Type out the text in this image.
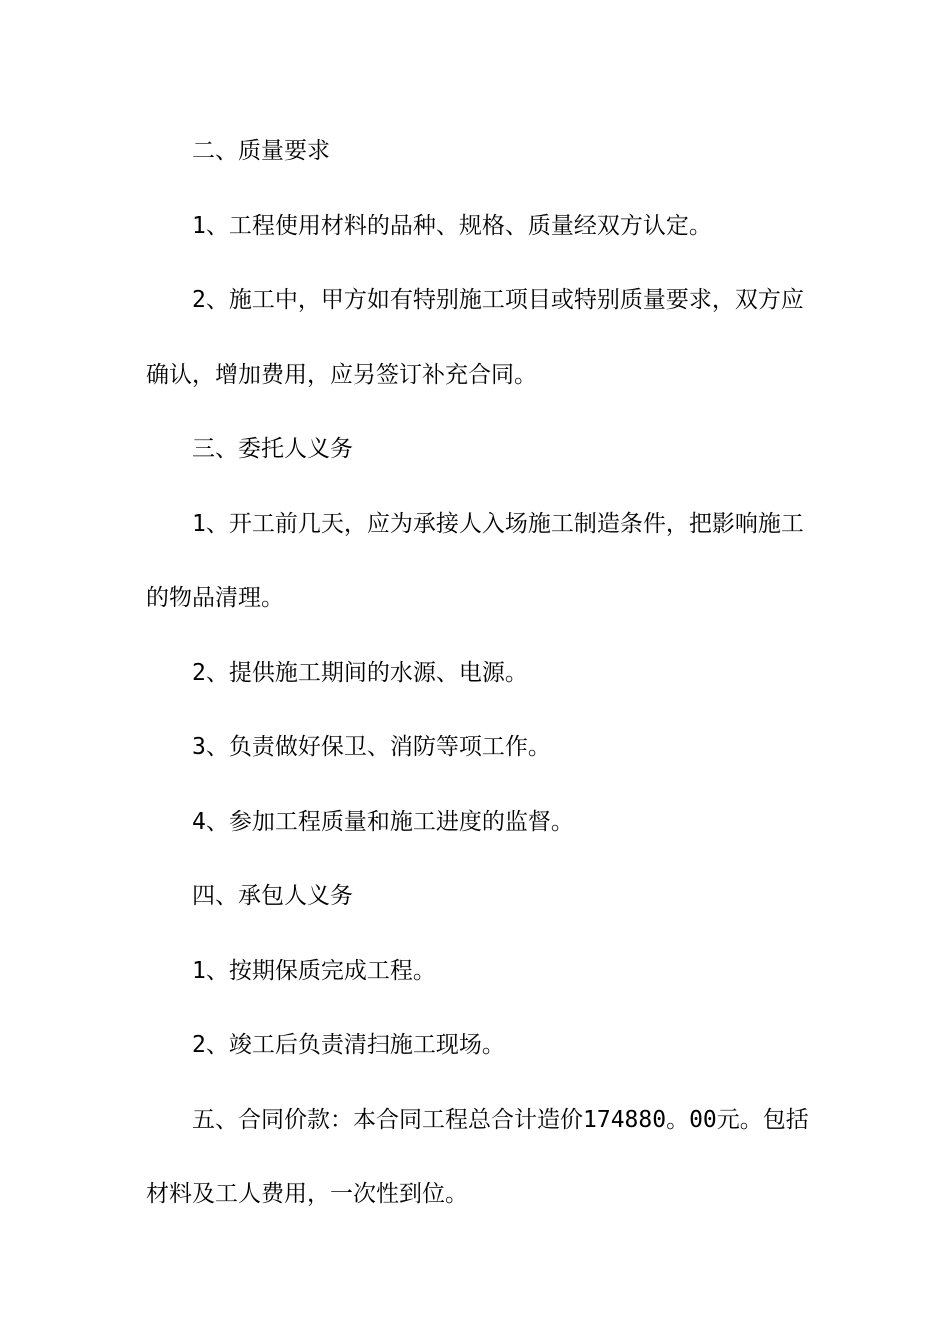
二、质量要求

1、工程使用材料的品种、规格、质量经双方认定。

2、施工中，甲方如有特别施工项目或特别质量要求，双方应确认，增加费用，应另签订补充合同。

三、委托人义务

1、开工前几天，应为承接人入场施工制造条件，把影响施工的物品清理。

2、提供施工期间的水源、电源。

3、负责做好保卫、消防等项工作。

4、参加工程质量和施工进度的监督。

四、承包人义务

1、按期保质完成工程。

2、竣工后负责清扫施工现场。

五、合同价款：本合同工程总合计造价174880。00元。包括材料及工人费用，一次性到位。
